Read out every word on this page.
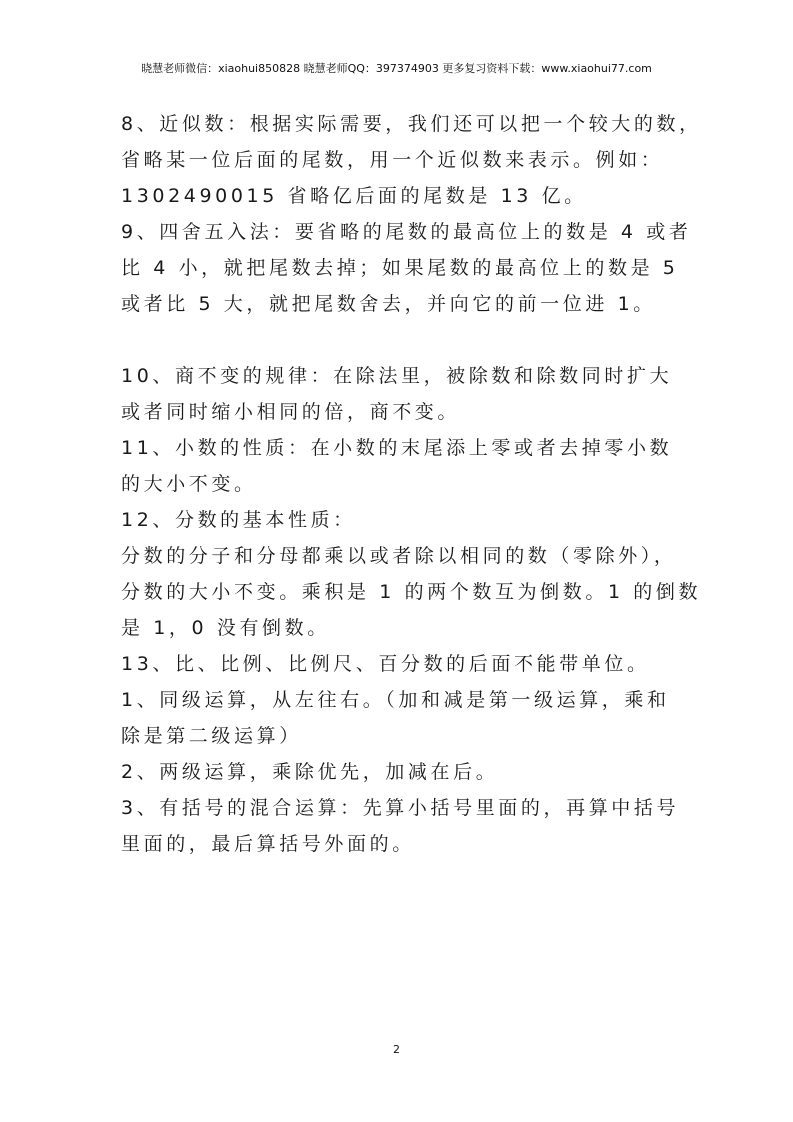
晓慧老师微信：xiaohui850828 晓慧老师QQ：397374903 更多复习资料下载：www.xiaohui77.com
8、近似数：根据实际需要，我们还可以把一个较大的数，
省略某一位后面的尾数，用一个近似数来表示。例如：
1302490015 省略亿后面的尾数是 13 亿。
9、四舍五入法：要省略的尾数的最高位上的数是 4 或者
比 4 小，就把尾数去掉；如果尾数的最高位上的数是 5
或者比 5 大，就把尾数舍去，并向它的前一位进 1。
10、商不变的规律：在除法里，被除数和除数同时扩大
或者同时缩小相同的倍，商不变。
11、小数的性质：在小数的末尾添上零或者去掉零小数
的大小不变。
12、分数的基本性质：
分数的分子和分母都乘以或者除以相同的数（零除外），
分数的大小不变。乘积是 1 的两个数互为倒数。1 的倒数
是 1，0 没有倒数。
13、比、比例、比例尺、百分数的后面不能带单位。
1、同级运算，从左往右。（加和减是第一级运算，乘和
除是第二级运算）
2、两级运算，乘除优先，加减在后。
3、有括号的混合运算：先算小括号里面的，再算中括号
里面的，最后算括号外面的。
2
